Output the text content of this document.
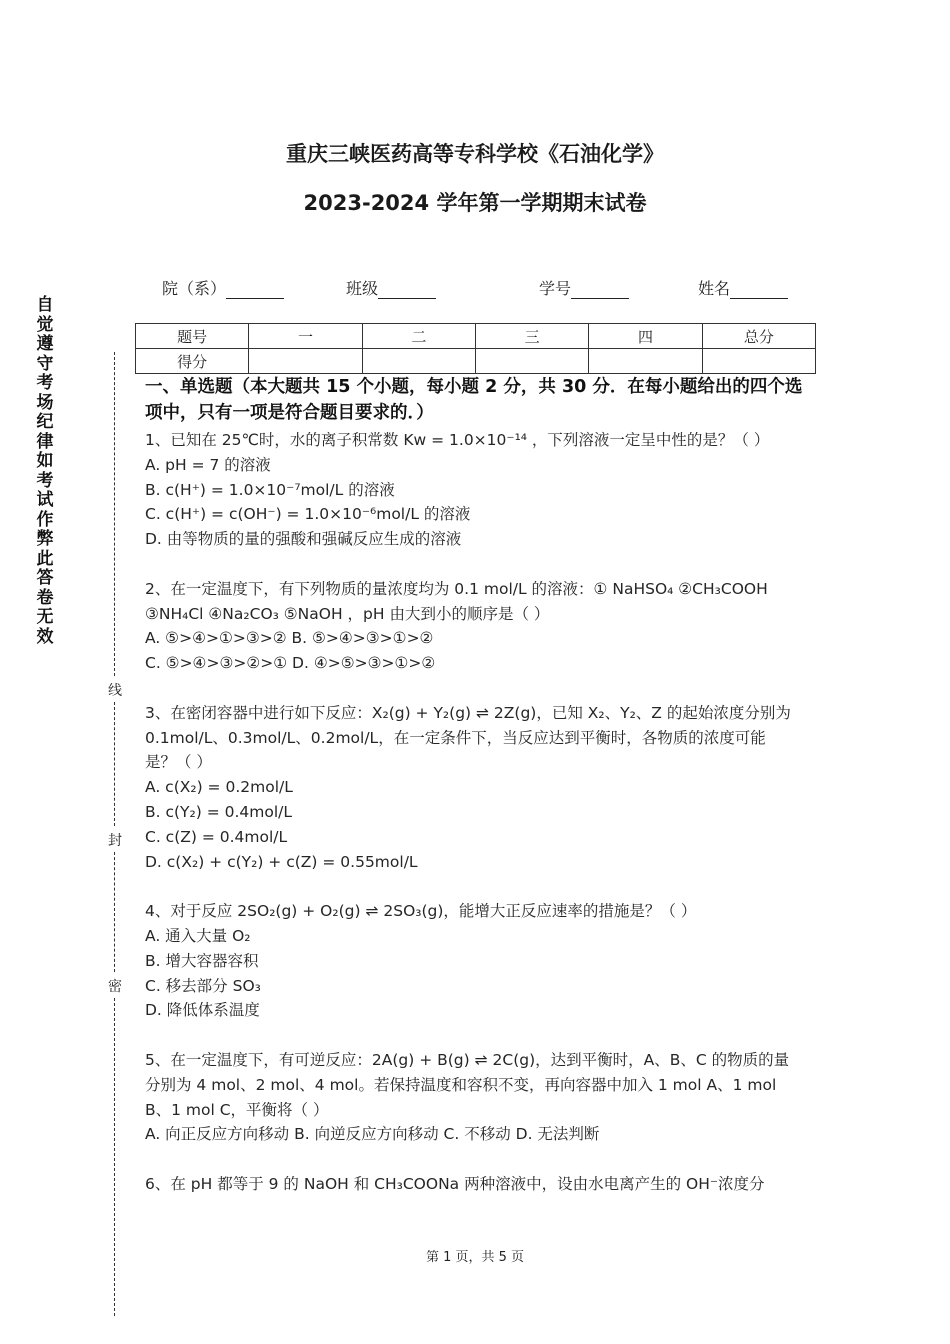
重庆三峡医药高等专科学校《石油化学》
2023-2024 学年第一学期期末试卷
院（系）	班级	学号	姓名
题号	一	二	三	四	总分
得分					
自觉遵守考场纪律如考试作弊此答卷无效
线
封
密
一、单选题（本大题共 15 个小题，每小题 2 分，共 30 分．在每小题给出的四个选项中，只有一项是符合题目要求的．）

1、已知在 25℃时，水的离子积常数 Kw = 1.0×10⁻¹⁴ ，下列溶液一定呈中性的是？（ ）

A. pH = 7 的溶液

B. c(H⁺) = 1.0×10⁻⁷mol/L 的溶液

C. c(H⁺) = c(OH⁻) = 1.0×10⁻⁶mol/L 的溶液

D. 由等物质的量的强酸和强碱反应生成的溶液

2、在一定温度下，有下列物质的量浓度均为 0.1 mol/L 的溶液：① NaHSO₄ ②CH₃COOH

③NH₄Cl ④Na₂CO₃ ⑤NaOH ，pH 由大到小的顺序是（ ）

A. ⑤>④>①>③>② B. ⑤>④>③>①>②

C. ⑤>④>③>②>① D. ④>⑤>③>①>②

3、在密闭容器中进行如下反应：X₂(g) + Y₂(g) ⇌ 2Z(g)，已知 X₂、Y₂、Z 的起始浓度分别为

0.1mol/L、0.3mol/L、0.2mol/L，在一定条件下，当反应达到平衡时，各物质的浓度可能

是？（ ）

A. c(X₂) = 0.2mol/L

B. c(Y₂) = 0.4mol/L

C. c(Z) = 0.4mol/L

D. c(X₂) + c(Y₂) + c(Z) = 0.55mol/L

4、对于反应 2SO₂(g) + O₂(g) ⇌ 2SO₃(g)，能增大正反应速率的措施是？（ ）

A. 通入大量 O₂

B. 增大容器容积

C. 移去部分 SO₃

D. 降低体系温度

5、在一定温度下，有可逆反应：2A(g) + B(g) ⇌ 2C(g)，达到平衡时，A、B、C 的物质的量

分别为 4 mol、2 mol、4 mol。若保持温度和容积不变，再向容器中加入 1 mol A、1 mol

B、1 mol C，平衡将（ ）

A. 向正反应方向移动 B. 向逆反应方向移动 C. 不移动 D. 无法判断

6、在 pH 都等于 9 的 NaOH 和 CH₃COONa 两种溶液中，设由水电离产生的 OH⁻浓度分

第 1 页，共 5 页
